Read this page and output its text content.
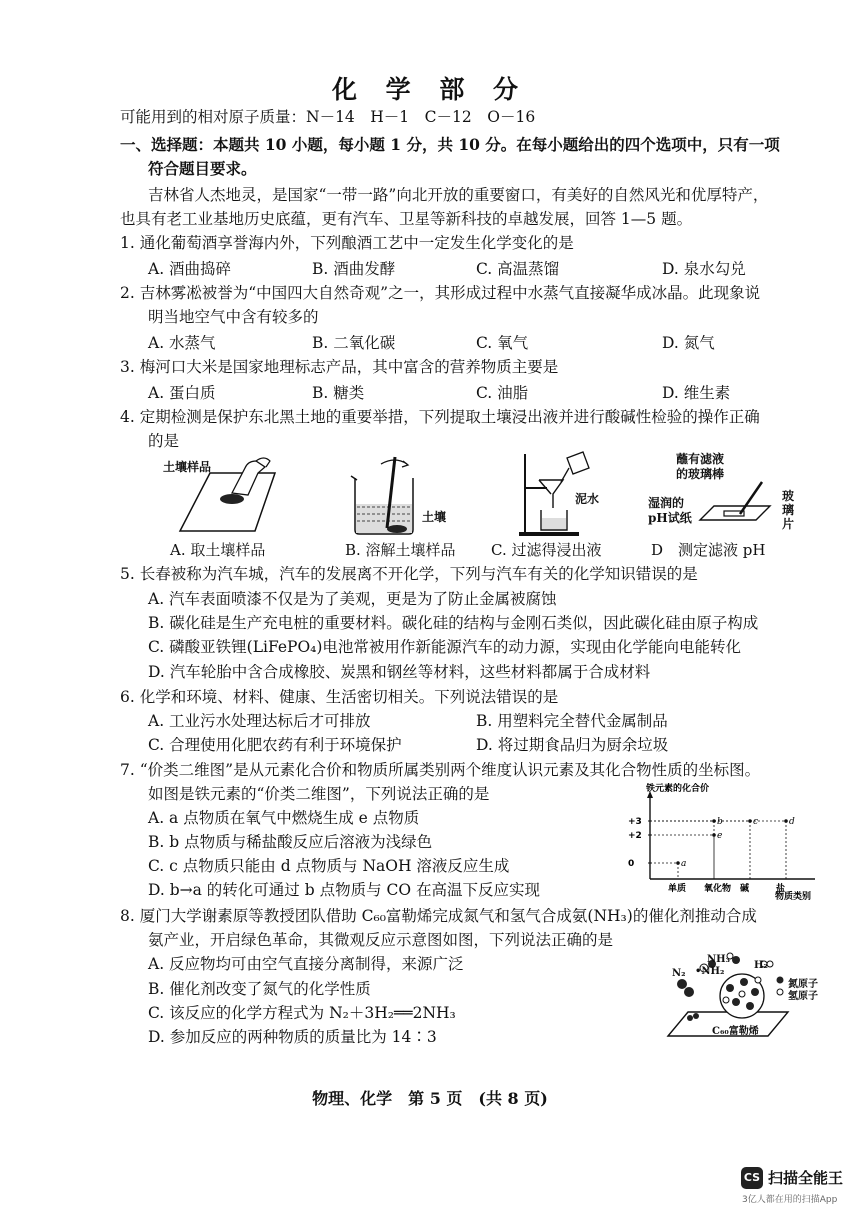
化 学 部 分
可能用到的相对原子质量：N－14　H－1　C－12　O－16
一、选择题：本题共 10 小题，每小题 1 分，共 10 分。在每小题给出的四个选项中，只有一项
符合题目要求。
吉林省人杰地灵，是国家“一带一路”向北开放的重要窗口，有美好的自然风光和优厚特产，
也具有老工业基地历史底蕴，更有汽车、卫星等新科技的卓越发展，回答 1—5 题。
1. 通化葡萄酒享誉海内外，下列酿酒工艺中一定发生化学变化的是
A. 酒曲捣碎	B. 酒曲发酵	C. 高温蒸馏	D. 泉水勾兑
2. 吉林雾凇被誉为“中国四大自然奇观”之一，其形成过程中水蒸气直接凝华成冰晶。此现象说
明当地空气中含有较多的
A. 水蒸气	B. 二氧化碳	C. 氧气	D. 氮气
3. 梅河口大米是国家地理标志产品，其中富含的营养物质主要是
A. 蛋白质	B. 糖类	C. 油脂	D. 维生素
4. 定期检测是保护东北黑土地的重要举措，下列提取土壤浸出液并进行酸碱性检验的操作正确
的是
土壤样品
土壤
泥水
蘸有滤液
的玻璃棒
湿润的
pH试纸
玻
璃
片
A. 取土壤样品	B. 溶解土壤样品 C. 过滤得浸出液	D　测定滤液 pH
5. 长春被称为汽车城，汽车的发展离不开化学，下列与汽车有关的化学知识错误的是
A. 汽车表面喷漆不仅是为了美观，更是为了防止金属被腐蚀
B. 碳化硅是生产充电桩的重要材料。碳化硅的结构与金刚石类似，因此碳化硅由原子构成
C. 磷酸亚铁锂(LiFePO₄)电池常被用作新能源汽车的动力源，实现由化学能向电能转化
D. 汽车轮胎中含合成橡胶、炭黑和钢丝等材料，这些材料都属于合成材料
6. 化学和环境、材料、健康、生活密切相关。下列说法错误的是
A. 工业污水处理达标后才可排放	B. 用塑料完全替代金属制品
C. 合理使用化肥农药有利于环境保护	D. 将过期食品归为厨余垃圾
7. “价类二维图”是从元素化合价和物质所属类别两个维度认识元素及其化合物性质的坐标图。
如图是铁元素的“价类二维图”，下列说法正确的是
A. a 点物质在氧气中燃烧生成 e 点物质
B. b 点物质与稀盐酸反应后溶液为浅绿色
C. c 点物质只能由 d 点物质与 NaOH 溶液反应生成
D. b→a 的转化可通过 b 点物质与 CO 在高温下反应实现
铁元素的化合价
物质类别
+3
+2
0
单质 氧化物 碱	盐
a
b
e
c	d
8. 厦门大学谢素原等教授团队借助 C₆₀富勒烯完成氮气和氢气合成氨(NH₃)的催化剂推动合成
氨产业，开启绿色革命，其微观反应示意图如图，下列说法正确的是
A. 反应物均可由空气直接分离制得，来源广泛
B. 催化剂改变了氮气的化学性质
C. 该反应的化学方程式为 N₂＋3H₂══2NH₃
D. 参加反应的两种物质的质量比为 14∶3
N₂ •NH₂
NH₃
H₂
氮原子
氢原子
C₆₀富勒烯
物理、化学　第 5 页　(共 8 页)
CS 扫描全能王
3亿人都在用的扫描App
